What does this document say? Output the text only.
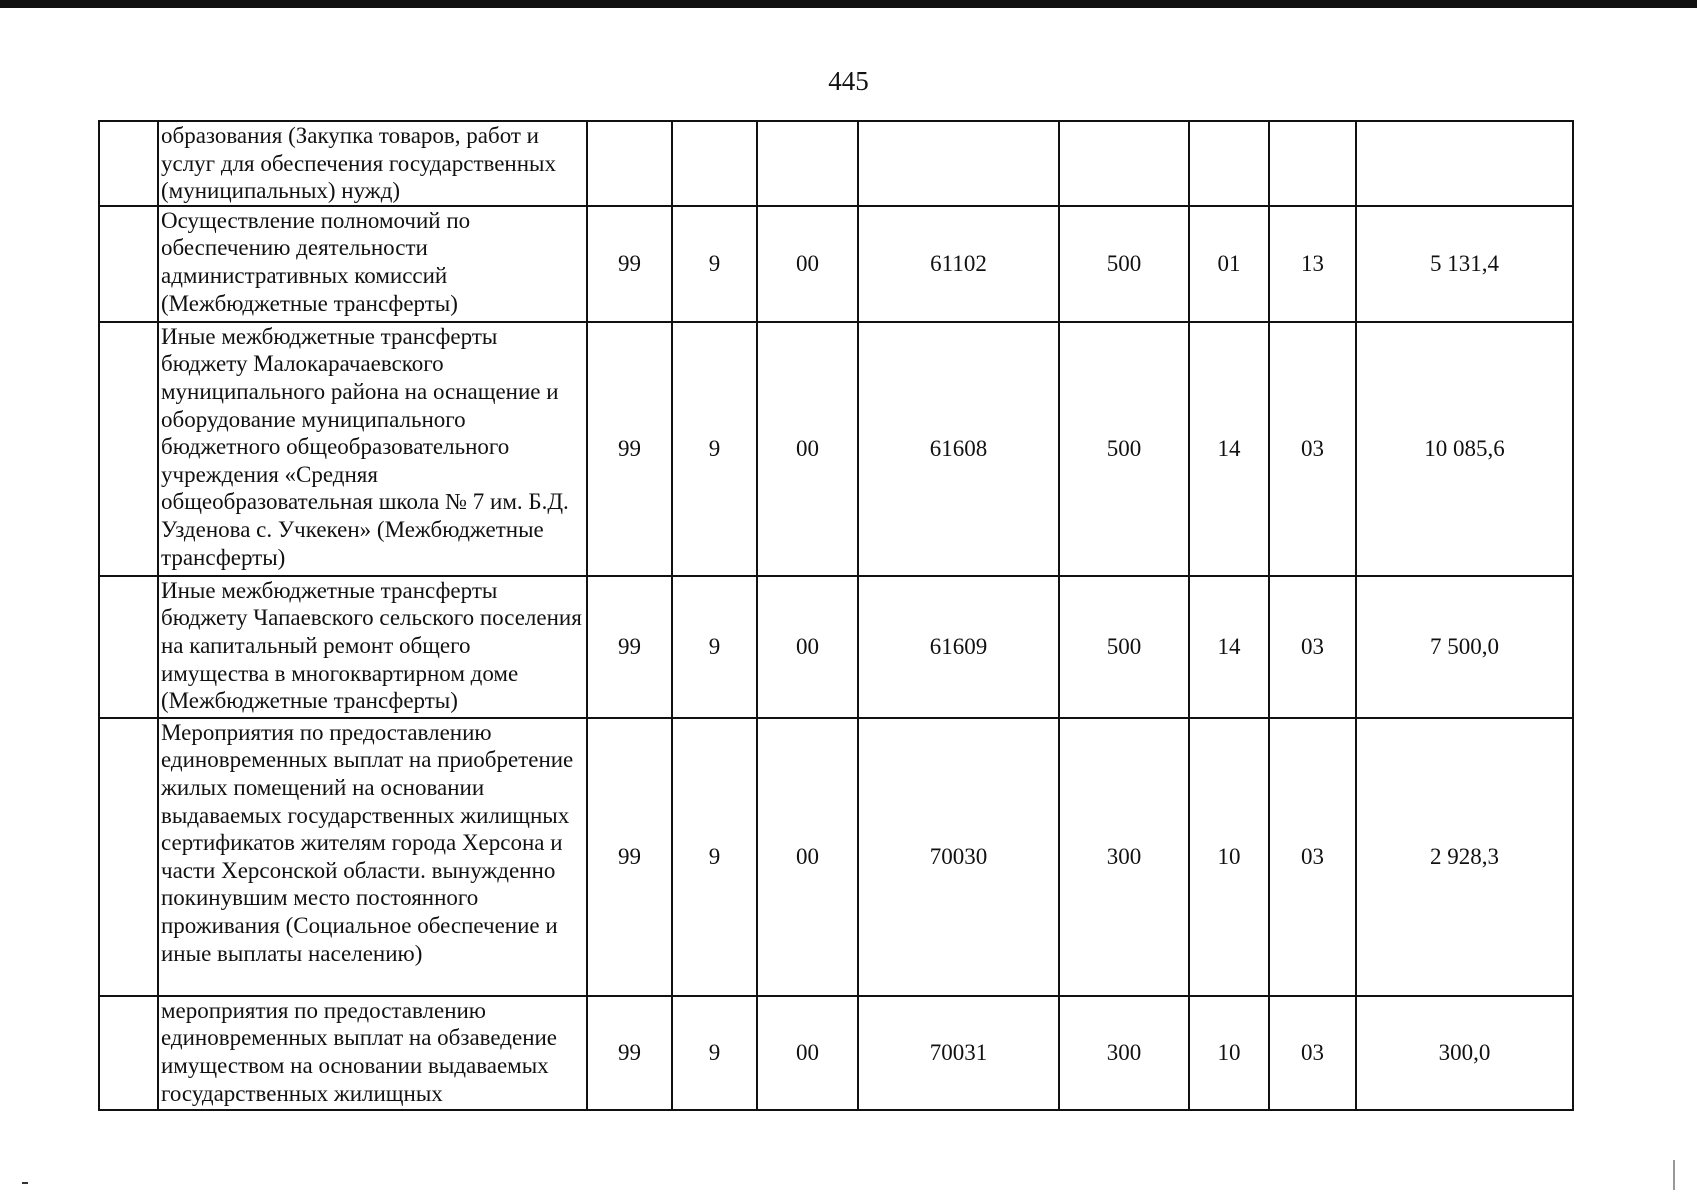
445
	образования (Закупка товаров, работ и услуг для обеспечения государственных (муниципальных) нужд)								
	Осуществление полномочий по обеспечению деятельности административных комиссий (Межбюджетные трансферты)	99	9	00	61102	500	01	13	5 131,4
	Иные межбюджетные трансферты бюджету Малокарачаевского муниципального района на оснащение и оборудование муниципального бюджетного общеобразовательного учреждения «Средняя общеобразовательная школа № 7 им. Б.Д. Узденова с. Учкекен» (Межбюджетные трансферты)	99	9	00	61608	500	14	03	10 085,6
	Иные межбюджетные трансферты бюджету Чапаевского сельского поселения на капитальный ремонт общего имущества в многоквартирном доме (Межбюджетные трансферты)	99	9	00	61609	500	14	03	7 500,0
	Мероприятия по предоставлению единовременных выплат на приобретение жилых помещений на основании выдаваемых государственных жилищных сертификатов жителям города Херсона и части Херсонской области. вынужденно покинувшим место постоянного проживания (Социальное обеспечение и иные выплаты населению)	99	9	00	70030	300	10	03	2 928,3
	мероприятия по предоставлению единовременных выплат на обзаведение имуществом на основании выдаваемых государственных жилищных	99	9	00	70031	300	10	03	300,0
